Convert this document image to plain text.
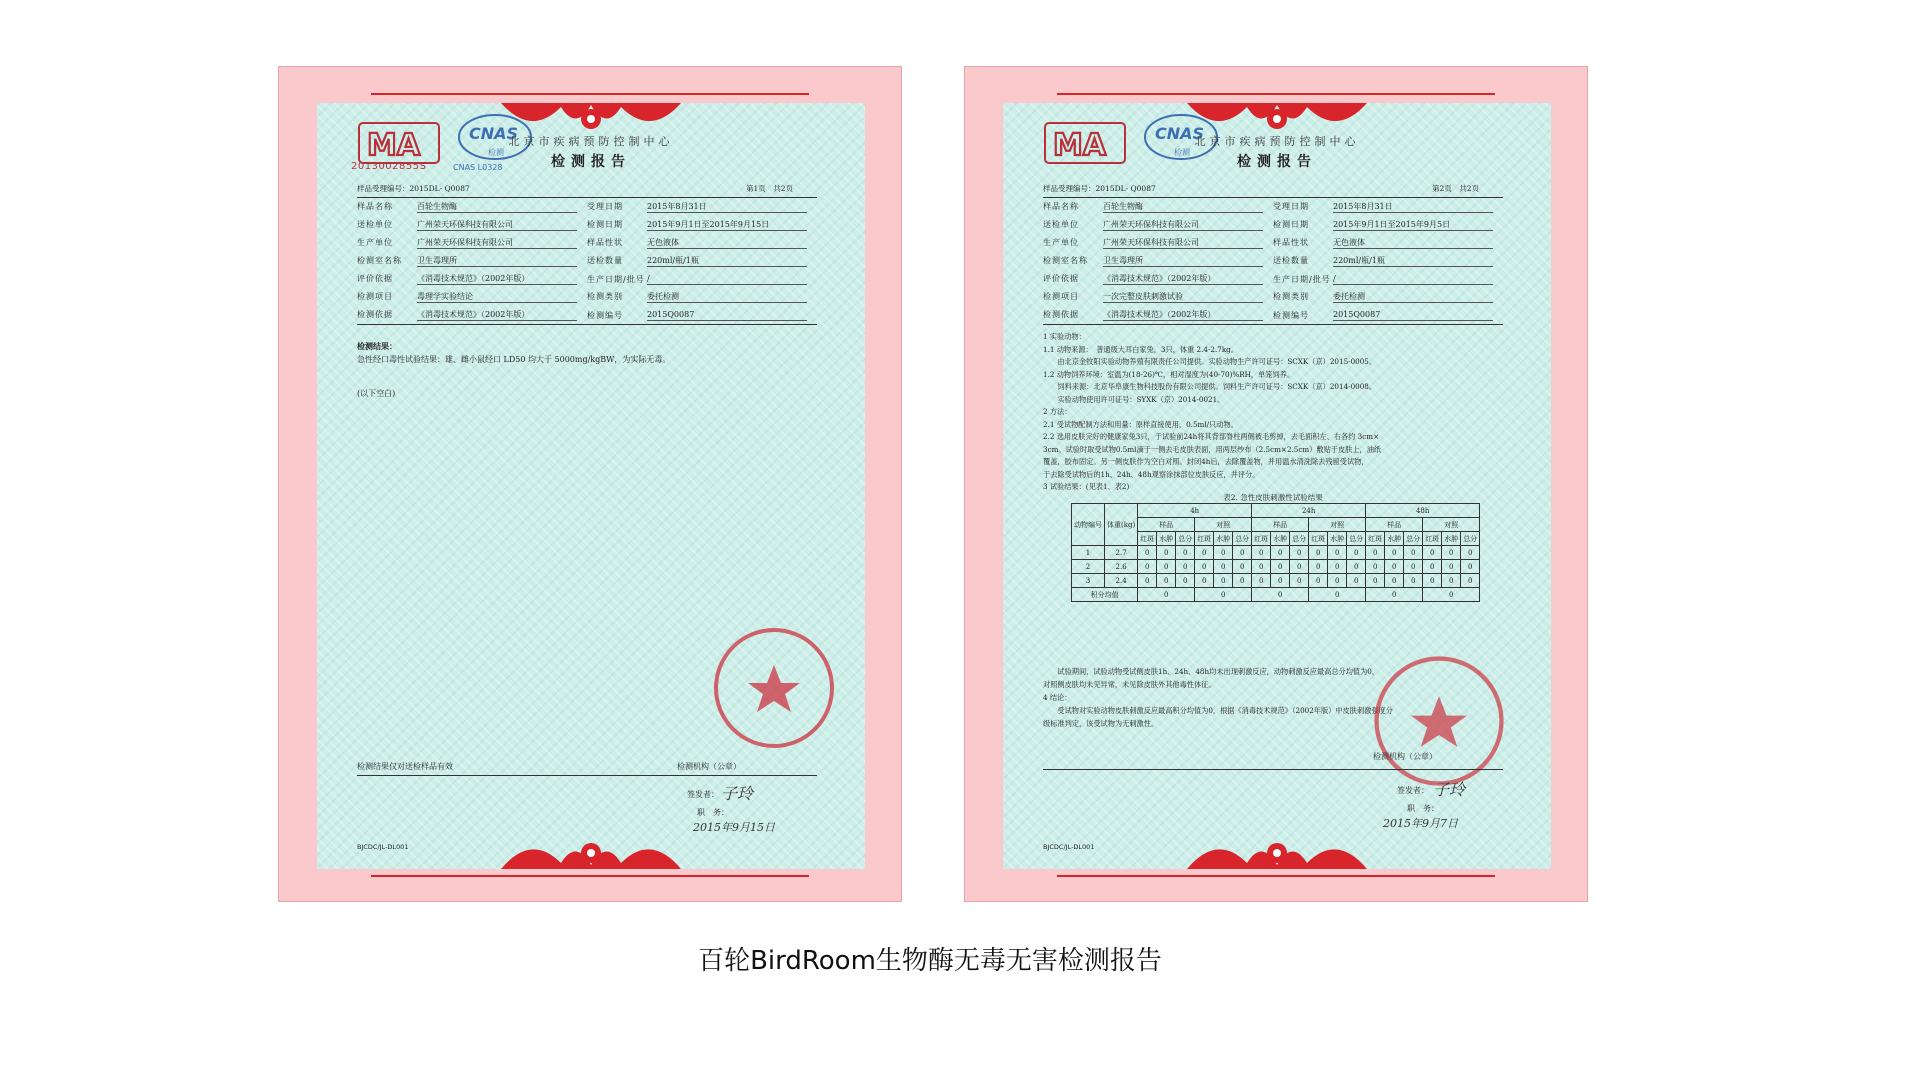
MA
2013002855S
CNAS
检测
CNAS L0328
北京市疾病预防控制中心
检测报告
样品受理编号：2015DL- Q0087	第1页　共2页
样品名称	百轮生物酶	受理日期	2015年8月31日
送检单位	广州荣天环保科技有限公司	检测日期	2015年9月1日至2015年9月15日
生产单位	广州荣天环保科技有限公司	样品性状	无色液体
检测室名称	卫生毒理所	送检数量	220ml/瓶/1瓶
评价依据	《消毒技术规范》（2002年版）	生产日期/批号 /
检测项目	毒理学实验结论	检测类别	委托检测
检测依据	《消毒技术规范》（2002年版）	检测编号	2015Q0087
检测结果：
急性经口毒性试验结果：雄、雌小鼠经口 LD50 均大于 5000mg/kgBW，为实际无毒。
(以下空白)
检测结果仅对送检样品有效	检测机构（公章）
签发者： 子玲
职　务：
2015年9月15日
BJCDC/JL-DL001
MA	CNAS
检测
北京市疾病预防控制中心
检测报告
样品受理编号：2015DL- Q0087	第2页　共2页
样品名称	百轮生物酶	受理日期	2015年8月31日
送检单位	广州荣天环保科技有限公司	检测日期	2015年9月1日至2015年9月5日
生产单位	广州荣天环保科技有限公司	样品性状	无色液体
检测室名称	卫生毒理所	送检数量	220ml/瓶/1瓶
评价依据	《消毒技术规范》（2002年版）	生产日期/批号 /
检测项目	一次完整皮肤刺激试验	检测类别	委托检测
检测依据	《消毒技术规范》（2002年版）	检测编号	2015Q0087
1 实验动物：
1.1 动物来源：　普通级大耳白家兔，3只，体重 2.4-2.7kg。
　　由北京金牧阳实验动物养殖有限责任公司提供。实验动物生产许可证号：SCXK（京）2015-0005。
1.2 动物饲养环境：室温为(18-26)℃，相对湿度为(40-70)%RH，单笼饲养。
　　饲料来源：北京华阜康生物科技股份有限公司提供。饲料生产许可证号：SCXK（京）2014-0008。
　　实验动物使用许可证号：SYXK（京）2014-0021。
2 方法：
2.1 受试物配制方法和用量：原样直接使用，0.5ml/只动物。
2.2 选用皮肤完好的健康家兔3只，于试验前24h将其背部脊柱两侧被毛剪掉，去毛面积左、右各约 3cm×
3cm。试验时取受试物0.5ml滴于一侧去毛皮肤表面，用两层纱布（2.5cm×2.5cm）敷贴于皮肤上，油纸
覆盖，胶布固定。另一侧皮肤作为空白对照。封闭4h后，去除覆盖物，并用温水清洗除去残留受试物，
于去除受试物后的1h、24h、48h观察涂抹部位皮肤反应，并评分。
3 试验结果：(见表1、表2)
表2. 急性皮肤刺激性试验结果
动物编号	体重(kg)	4h						24h						48h					
		样品			对照			样品			对照			样品			对照		
		红斑	水肿	总分	红斑	水肿	总分	红斑	水肿	总分	红斑	水肿	总分	红斑	水肿	总分	红斑	水肿	总分
1	2.7	0	0	0	0	0	0	0	0	0	0	0	0	0	0	0	0	0	0
2	2.6	0	0	0	0	0	0	0	0	0	0	0	0	0	0	0	0	0	0
3	2.4	0	0	0	0	0	0	0	0	0	0	0	0	0	0	0	0	0	0
积分均值		0			0			0			0			0			0		
　　试验期间，试验动物受试侧皮肤1h、24h、48h均未出现刺激反应，动物刺激反应最高总分均值为0，
对照侧皮肤均未见异常，未见除皮肤外其他毒性体征。
4 结论：
　　受试物对实验动物皮肤刺激反应最高积分均值为0，根据《消毒技术规范》（2002年版）中皮肤刺激强度分
级标准判定，该受试物为无刺激性。
检测机构（公章）
签发者： 子玲
职　务：
2015年9月7日
BJCDC/JL-DL001
百轮BirdRoom生物酶无毒无害检测报告
